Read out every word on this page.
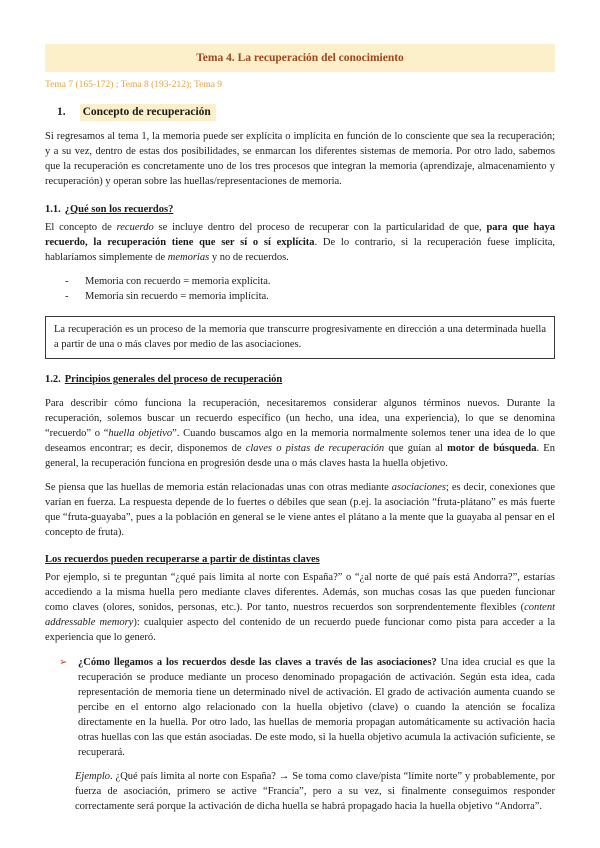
Tema 4. La recuperación del conocimiento
Tema 7 (165-172) ; Tema 8 (193-212); Tema 9
1. Concepto de recuperación
Si regresamos al tema 1, la memoria puede ser explícita o implícita en función de lo consciente que sea la recuperación; y a su vez, dentro de estas dos posibilidades, se enmarcan los diferentes sistemas de memoria. Por otro lado, sabemos que la recuperación es concretamente uno de los tres procesos que integran la memoria (aprendizaje, almacenamiento y recuperación) y operan sobre las huellas/representaciones de memoria.
1.1. ¿Qué son los recuerdos?
El concepto de recuerdo se incluye dentro del proceso de recuperar con la particularidad de que, para que haya recuerdo, la recuperación tiene que ser sí o sí explícita. De lo contrario, si la recuperación fuese implícita, hablaríamos simplemente de memorias y no de recuerdos.
-	Memoria con recuerdo = memoria explícita.
-	Memoria sin recuerdo = memoria implícita.
La recuperación es un proceso de la memoria que transcurre progresivamente en dirección a una determinada huella a partir de una o más claves por medio de las asociaciones.
1.2. Principios generales del proceso de recuperación
Para describir cómo funciona la recuperación, necesitaremos considerar algunos términos nuevos. Durante la recuperación, solemos buscar un recuerdo específico (un hecho, una idea, una experiencia), lo que se denomina “recuerdo” o “huella objetivo”. Cuando buscamos algo en la memoria normalmente solemos tener una idea de lo que deseamos encontrar; es decir, disponemos de claves o pistas de recuperación que guían al motor de búsqueda. En general, la recuperación funciona en progresión desde una o más claves hasta la huella objetivo.
Se piensa que las huellas de memoria están relacionadas unas con otras mediante asociaciones; es decir, conexiones que varían en fuerza. La respuesta depende de lo fuertes o débiles que sean (p.ej. la asociación “fruta-plátano” es más fuerte que “fruta-guayaba”, pues a la población en general se le viene antes el plátano a la mente que la guayaba al pensar en el concepto de fruta).
Los recuerdos pueden recuperarse a partir de distintas claves
Por ejemplo, si te preguntan “¿qué país limita al norte con España?” o “¿al norte de qué país está Andorra?”, estarías accediendo a la misma huella pero mediante claves diferentes. Además, son muchas cosas las que pueden funcionar como claves (olores, sonidos, personas, etc.). Por tanto, nuestros recuerdos son sorprendentemente flexibles (content addressable memory): cualquier aspecto del contenido de un recuerdo puede funcionar como pista para acceder a la experiencia que lo generó.
➢	¿Cómo llegamos a los recuerdos desde las claves a través de las asociaciones? Una idea crucial es que la recuperación se produce mediante un proceso denominado propagación de activación. Según esta idea, cada representación de memoria tiene un determinado nivel de activación. El grado de activación aumenta cuando se percibe en el entorno algo relacionado con la huella objetivo (clave) o cuando la atención se focaliza directamente en la huella. Por otro lado, las huellas de memoria propagan automáticamente su activación hacia otras huellas con las que están asociadas. De este modo, si la huella objetivo acumula la activación suficiente, se recuperará.
Ejemplo. ¿Qué país limita al norte con España? → Se toma como clave/pista “límite norte” y probablemente, por fuerza de asociación, primero se active “Francia”, pero a su vez, si finalmente conseguimos responder correctamente será porque la activación de dicha huella se habrá propagado hacia la huella objetivo “Andorra”.
